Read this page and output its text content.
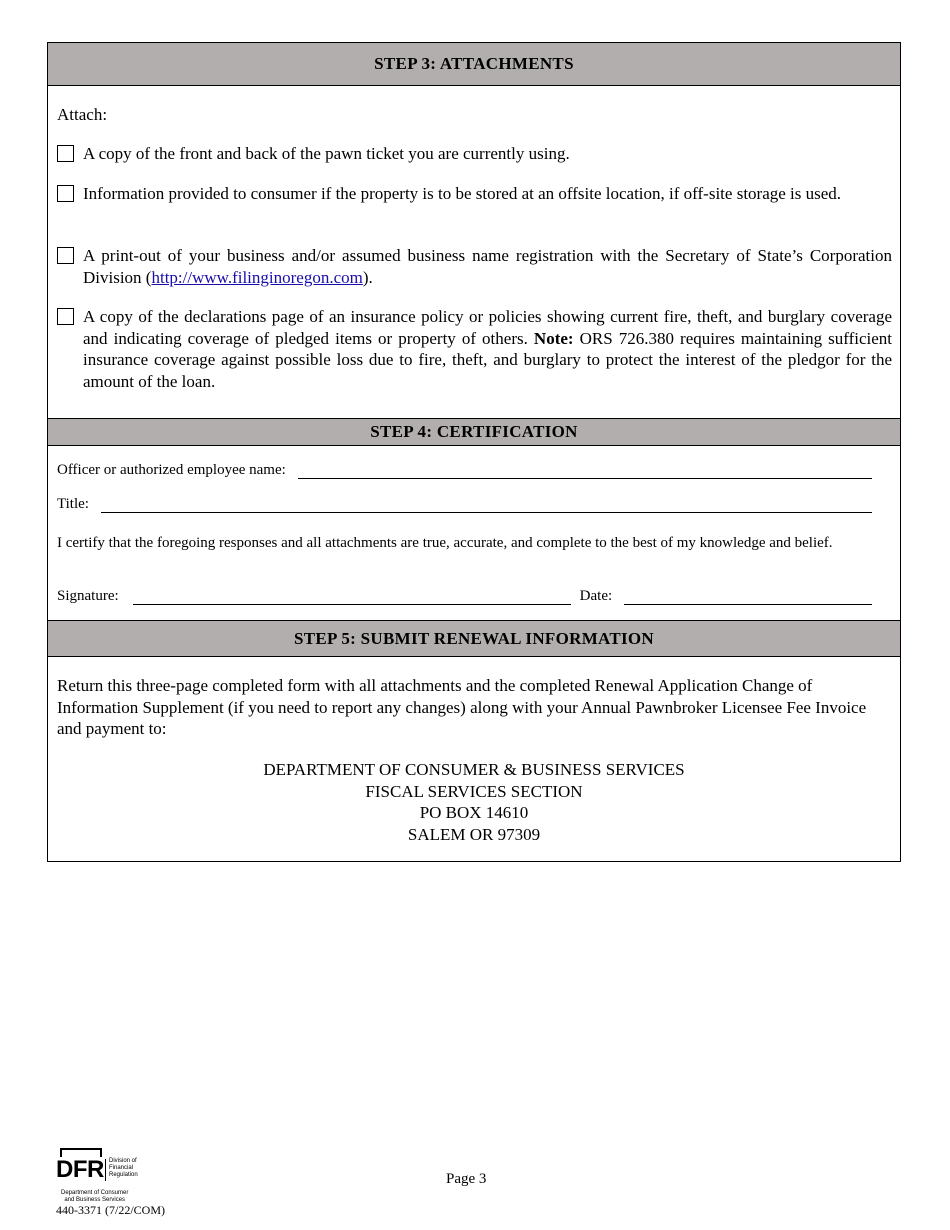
STEP 3: ATTACHMENTS
Attach:
A copy of the front and back of the pawn ticket you are currently using.
Information provided to consumer if the property is to be stored at an offsite location, if off-site storage is used.
A print-out of your business and/or assumed business name registration with the Secretary of State’s Corporation Division (http://www.filinginoregon.com).
A copy of the declarations page of an insurance policy or policies showing current fire, theft, and burglary coverage and indicating coverage of pledged items or property of others. Note: ORS 726.380 requires maintaining sufficient insurance coverage against possible loss due to fire, theft, and burglary to protect the interest of the pledgor for the amount of the loan.
STEP 4: CERTIFICATION
Officer or authorized employee name:
Title:
I certify that the foregoing responses and all attachments are true, accurate, and complete to the best of my knowledge and belief.
Signature:	Date:
STEP 5: SUBMIT RENEWAL INFORMATION
Return this three-page completed form with all attachments and the completed Renewal Application Change of Information Supplement (if you need to report any changes) along with your Annual Pawnbroker Licensee Fee Invoice and payment to:
DEPARTMENT OF CONSUMER & BUSINESS SERVICES
FISCAL SERVICES SECTION
PO BOX 14610
SALEM OR 97309
DFR Division of
Financial
Regulation
Department of Consumer
and Business Services
440-3371 (7/22/COM)
Page 3
